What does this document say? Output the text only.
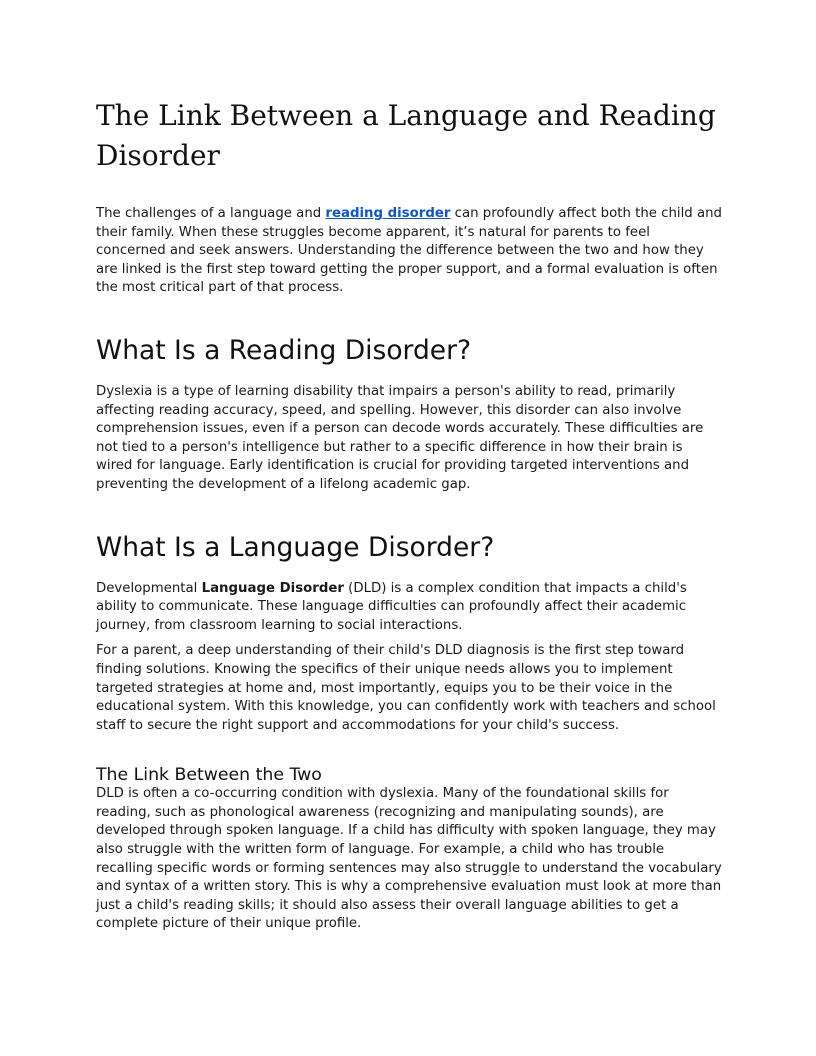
The Link Between a Language and Reading Disorder

The challenges of a language and reading disorder can profoundly affect both the child and their family. When these struggles become apparent, it’s natural for parents to feel concerned and seek answers. Understanding the difference between the two and how they are linked is the first step toward getting the proper support, and a formal evaluation is often the most critical part of that process.

What Is a Reading Disorder?

Dyslexia is a type of learning disability that impairs a person's ability to read, primarily affecting reading accuracy, speed, and spelling. However, this disorder can also involve comprehension issues, even if a person can decode words accurately. These difficulties are not tied to a person's intelligence but rather to a specific difference in how their brain is wired for language. Early identification is crucial for providing targeted interventions and preventing the development of a lifelong academic gap.

What Is a Language Disorder?

Developmental Language Disorder (DLD) is a complex condition that impacts a child's ability to communicate. These language difficulties can profoundly affect their academic journey, from classroom learning to social interactions.

For a parent, a deep understanding of their child's DLD diagnosis is the first step toward finding solutions. Knowing the specifics of their unique needs allows you to implement targeted strategies at home and, most importantly, equips you to be their voice in the educational system. With this knowledge, you can confidently work with teachers and school staff to secure the right support and accommodations for your child's success.

The Link Between the Two

DLD is often a co-occurring condition with dyslexia. Many of the foundational skills for reading, such as phonological awareness (recognizing and manipulating sounds), are developed through spoken language. If a child has difficulty with spoken language, they may also struggle with the written form of language. For example, a child who has trouble recalling specific words or forming sentences may also struggle to understand the vocabulary and syntax of a written story. This is why a comprehensive evaluation must look at more than just a child's reading skills; it should also assess their overall language abilities to get a complete picture of their unique profile.
